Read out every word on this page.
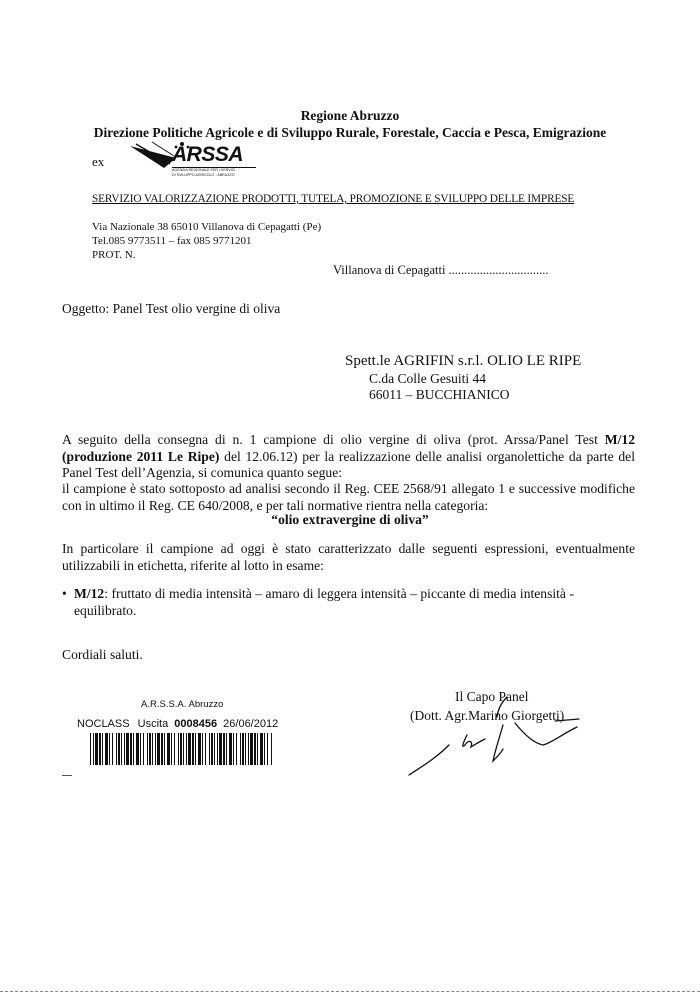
Regione Abruzzo
Direzione Politiche Agricole e di Sviluppo Rurale, Forestale, Caccia e Pesca, Emigrazione
ex	ARSSA
AGENZIA REGIONALE PER I SERVIZI
DI SVILUPPO AGRICOLO - ABRUZZO
SERVIZIO VALORIZZAZIONE PRODOTTI, TUTELA, PROMOZIONE E SVILUPPO DELLE IMPRESE
Via Nazionale 38 65010 Villanova di Cepagatti (Pe)
Tel.085 9773511 – fax 085 9771201
PROT. N.
Villanova di Cepagatti ................................
Oggetto: Panel Test olio vergine di oliva
Spett.le AGRIFIN s.r.l. OLIO LE RIPE
C.da Colle Gesuiti 44
66011 – BUCCHIANICO
A seguito della consegna di n. 1 campione di olio vergine di oliva (prot. Arssa/Panel Test M/12 (produzione 2011 Le Ripe) del 12.06.12) per la realizzazione delle analisi organolettiche da parte del Panel Test dell’Agenzia, si comunica quanto segue:
il campione è stato sottoposto ad analisi secondo il Reg. CEE 2568/91 allegato 1 e successive modifiche con in ultimo il Reg. CE 640/2008, e per tali normative rientra nella categoria:
“olio extravergine di oliva”
In particolare il campione ad oggi è stato caratterizzato dalle seguenti espressioni, eventualmente utilizzabili in etichetta, riferite al lotto in esame:
• M/12: fruttato di media intensità – amaro di leggera intensità – piccante di media intensità - equilibrato.
Cordiali saluti.
A.R.S.S.A. Abruzzo
NOCLASS Uscita 0008456 26/06/2012
Il Capo Panel
(Dott. Agr.Marino Giorgetti)
